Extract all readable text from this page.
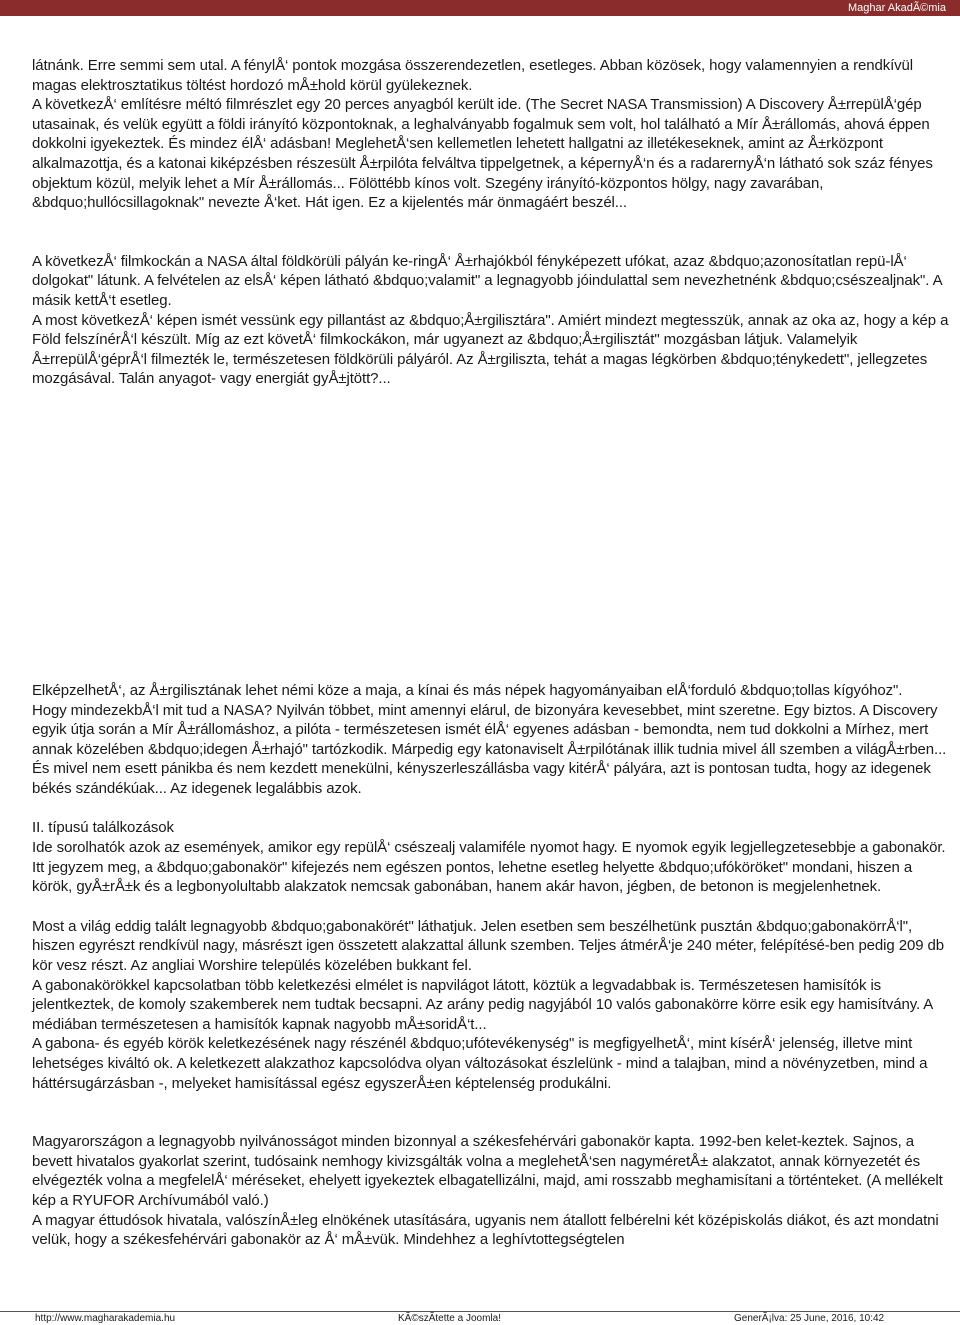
Maghar AkadÃ©mia

látnánk. Erre semmi sem utal. A fénylÅ‘ pontok mozgása összerendezetlen, esetleges. Abban közösek, hogy valamennyien a rendkívül magas elektrosztatikus töltést hordozó mÅ±hold körül gyülekeznek.

A következÅ‘ említésre méltó filmrészlet egy 20 perces anyagból került ide. (The Secret NASA Transmission) A Discovery Å±rrepülÅ‘gép utasainak, és velük együtt a földi irányító központoknak, a leghalványabb fogalmuk sem volt, hol található a Mír Å±rállomás, ahová éppen dokkolni igyekeztek. És mindez élÅ‘ adásban! MeglehetÅ‘sen kellemetlen lehetett hallgatni az illetékeseknek, amint az Å±rközpont alkalmazottja, és a katonai kiképzésben részesült Å±rpilóta felváltva tippelgetnek, a képernyÅ‘n és a radarernyÅ‘n látható sok száz fényes objektum közül, melyik lehet a Mír Å±rállomás... Fölöttébb kínos volt. Szegény irányító-központos hölgy, nagy zavarában, &bdquo;hullócsillagoknak" nevezte Å‘ket. Hát igen. Ez a kijelentés már önmagáért beszél...

A következÅ‘ filmkockán a NASA által földkörüli pályán ke-ringÅ‘ Å±rhajókból fényképezett ufókat, azaz &bdquo;azonosítatlan repü-lÅ‘ dolgokat" látunk. A felvételen az elsÅ‘ képen látható &bdquo;valamit" a legnagyobb jóindulattal sem nevezhetnénk &bdquo;csészealjnak". A másik kettÅ‘t esetleg.

A most következÅ‘ képen ismét vessünk egy pillantást az &bdquo;Å±rgilisztára". Amiért mindezt megtesszük, annak az oka az, hogy a kép a Föld felszínérÅ‘l készült. Míg az ezt követÅ‘ filmkockákon, már ugyanezt az &bdquo;Å±rgilisztát" mozgásban látjuk. Valamelyik Å±rrepülÅ‘géprÅ‘l filmezték le, természetesen földkörüli pályáról. Az Å±rgiliszta, tehát a magas légkörben &bdquo;ténykedett", jellegzetes mozgásával. Talán anyagot- vagy energiát gyÅ±jtött?...

ElképzelhetÅ‘, az Å±rgilisztának lehet némi köze a maja, a kínai és más népek hagyományaiban elÅ‘forduló &bdquo;tollas kígyóhoz".

Hogy mindezekbÅ‘l mit tud a NASA? Nyilván többet, mint amennyi elárul, de bizonyára kevesebbet, mint szeretne. Egy biztos. A Discovery egyik útja során a Mír Å±rállomáshoz, a pilóta - természetesen ismét élÅ‘ egyenes adásban - bemondta, nem tud dokkolni a Mírhez, mert annak közelében &bdquo;idegen Å±rhajó" tartózkodik. Márpedig egy katonaviselt Å±rpilótának illik tudnia mivel áll szemben a világÅ±rben... És mivel nem esett pánikba és nem kezdett menekülni, kényszerleszállásba vagy kitérÅ‘ pályára, azt is pontosan tudta, hogy az idegenek békés szándékúak... Az idegenek legalábbis azok.

II. típusú találkozások

Ide sorolhatók azok az események, amikor egy repülÅ‘ csészealj valamiféle nyomot hagy. E nyomok egyik legjellegzetesebbje a gabonakör. Itt jegyzem meg, a &bdquo;gabonakör" kifejezés nem egészen pontos, lehetne esetleg helyette &bdquo;ufóköröket" mondani, hiszen a körök, gyÅ±rÅ±k és a legbonyolultabb alakzatok nemcsak gabonában, hanem akár havon, jégben, de betonon is megjelenhetnek.

Most a világ eddig talált legnagyobb &bdquo;gabonakörét" láthatjuk. Jelen esetben sem beszélhetünk pusztán &bdquo;gabonakörrÅ‘l", hiszen egyrészt rendkívül nagy, másrészt igen összetett alakzattal állunk szemben. Teljes átmérÅ‘je 240 méter, felépítésé-ben pedig 209 db kör vesz részt. Az angliai Worshire település közelében bukkant fel.

A gabonakörökkel kapcsolatban több keletkezési elmélet is napvilágot látott, köztük a legvadabbak is. Természetesen hamisítók is jelentkeztek, de komoly szakemberek nem tudtak becsapni. Az arány pedig nagyjából 10 valós gabonakörre körre esik egy hamisítvány. A médiában természetesen a hamisítók kapnak nagyobb mÅ±soridÅ‘t...

A gabona- és egyéb körök keletkezésének nagy részénél &bdquo;ufótevékenység" is megfigyelhetÅ‘, mint kísérÅ‘ jelenség, illetve mint lehetséges kiváltó ok. A keletkezett alakzathoz kapcsolódva olyan változásokat észlelünk - mind a talajban, mind a növényzetben, mind a háttérsugárzásban -, melyeket hamisítással egész egyszerÅ±en képtelenség produkálni.

Magyarországon a legnagyobb nyilvánosságot minden bizonnyal a székesfehérvári gabonakör kapta. 1992-ben kelet-keztek. Sajnos, a bevett hivatalos gyakorlat szerint, tudósaink nemhogy kivizsgálták volna a meglehetÅ‘sen nagyméretÅ± alakzatot, annak környezetét és elvégezték volna a megfelelÅ‘ méréseket, ehelyett igyekeztek elbagatellizálni, majd, ami rosszabb meghamisítani a történteket. (A mellékelt kép a RYUFOR Archívumából való.)

A magyar éttudósok hivatala, valószínÅ±leg elnökének utasítására, ugyanis nem átallott felbérelni két középiskolás diákot, és azt mondatni velük, hogy a székesfehérvári gabonakör az Å‘ mÅ±vük. Mindehhez a leghívtottegségtelen

http://www.magharakademia.hu	KÃ©szÃtette a Joomla!	GenerÃ¡lva: 25 June, 2016, 10:42
